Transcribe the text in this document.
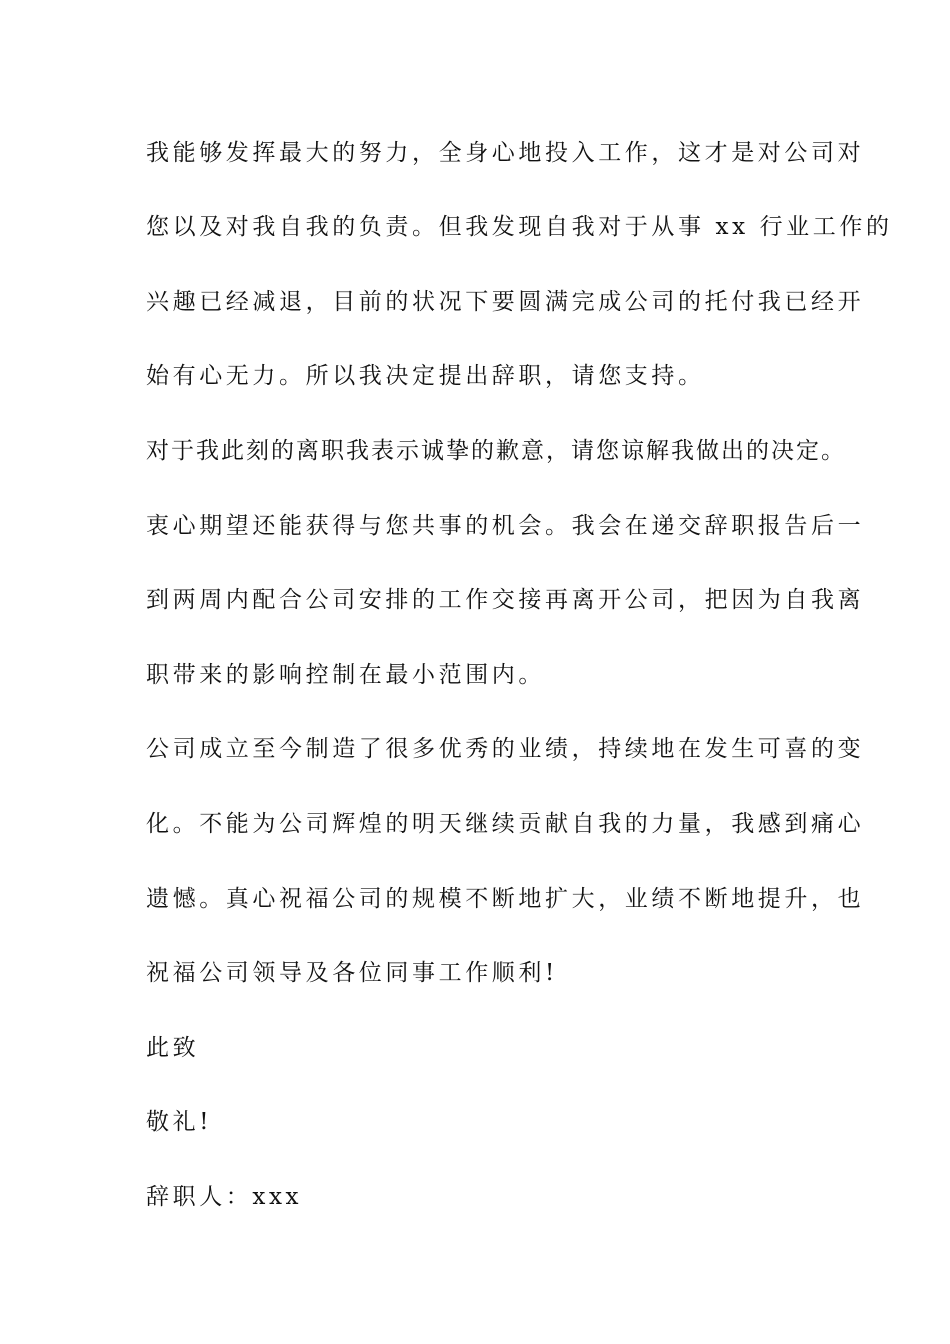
我能够发挥最大的努力，全身心地投入工作，这才是对公司对
您以及对我自我的负责。但我发现自我对于从事 xx 行业工作的
兴趣已经减退，目前的状况下要圆满完成公司的托付我已经开
始有心无力。所以我决定提出辞职，请您支持。
对于我此刻的离职我表示诚挚的歉意，请您谅解我做出的决定。
衷心期望还能获得与您共事的机会。我会在递交辞职报告后一
到两周内配合公司安排的工作交接再离开公司，把因为自我离
职带来的影响控制在最小范围内。
公司成立至今制造了很多优秀的业绩，持续地在发生可喜的变
化。不能为公司辉煌的明天继续贡献自我的力量，我感到痛心
遗憾。真心祝福公司的规模不断地扩大，业绩不断地提升，也
祝福公司领导及各位同事工作顺利!
此致
敬礼!
辞职人：xxx
